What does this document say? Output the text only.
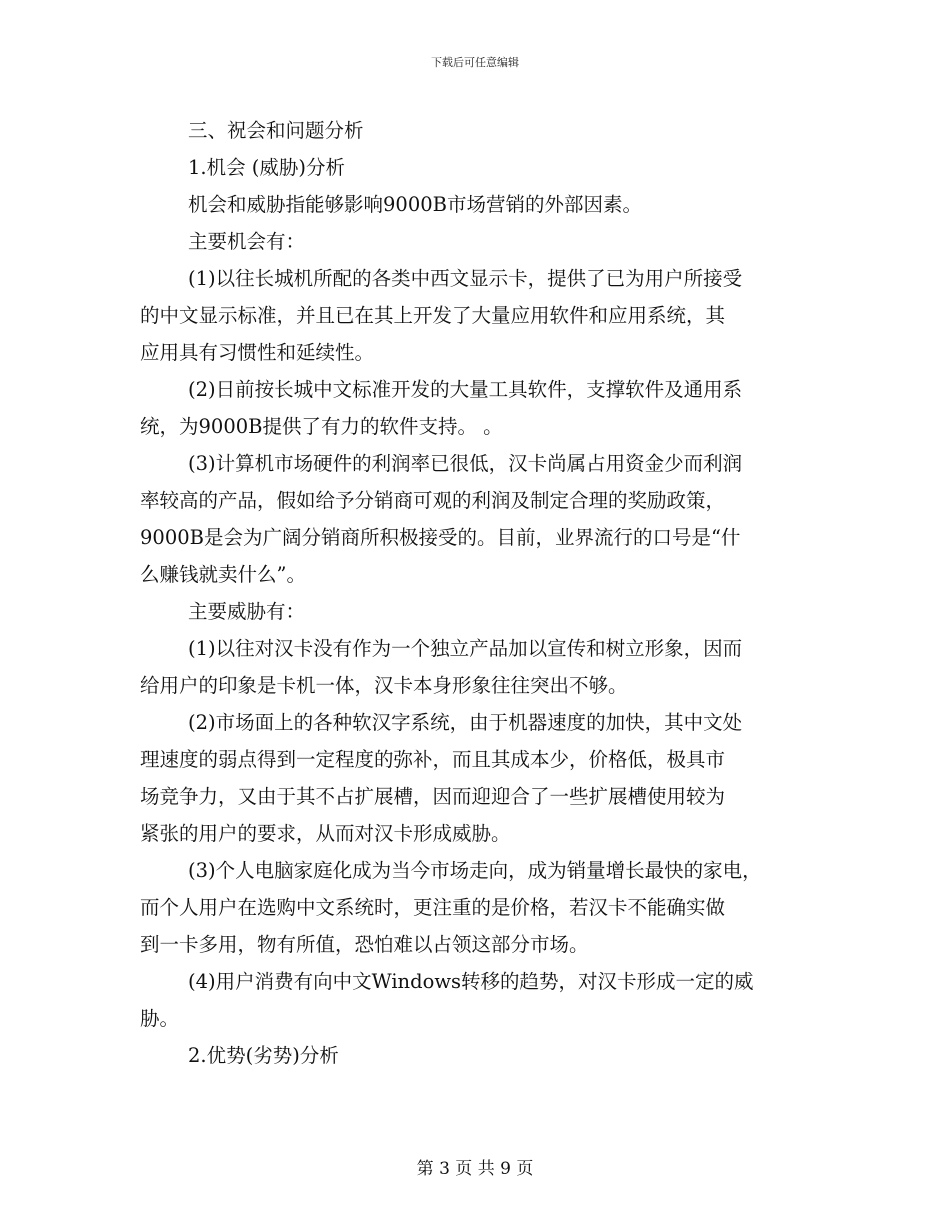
下载后可任意编辑
三、祝会和问题分析
1.机会 (威胁)分析
机会和威胁指能够影响9000B市场营销的外部因素。
主要机会有：
(1)以往长城机所配的各类中西文显示卡，提供了已为用户所接受
的中文显示标准，并且已在其上开发了大量应用软件和应用系统，其
应用具有习惯性和延续性。
(2)日前按长城中文标准开发的大量工具软件，支撑软件及通用系
统，为9000B提供了有力的软件支持。 。
(3)计算机市场硬件的利润率已很低，汉卡尚属占用资金少而利润
率较高的产品，假如给予分销商可观的利润及制定合理的奖励政策，
9000B是会为广阔分销商所积极接受的。目前，业界流行的口号是“什
么赚钱就卖什么”。
主要威胁有：
(1)以往对汉卡没有作为一个独立产品加以宣传和树立形象，因而
给用户的印象是卡机一体，汉卡本身形象往往突出不够。
(2)市场面上的各种软汉字系统，由于机器速度的加快，其中文处
理速度的弱点得到一定程度的弥补，而且其成本少，价格低，极具市
场竞争力，又由于其不占扩展槽，因而迎迎合了一些扩展槽使用较为
紧张的用户的要求，从而对汉卡形成威胁。
(3)个人电脑家庭化成为当今市场走向，成为销量增长最快的家电，
而个人用户在选购中文系统时，更注重的是价格，若汉卡不能确实做
到一卡多用，物有所值，恐怕难以占领这部分市场。
(4)用户消费有向中文Windows转移的趋势，对汉卡形成一定的威
胁。
2.优势(劣势)分析
第 3 页 共 9 页
